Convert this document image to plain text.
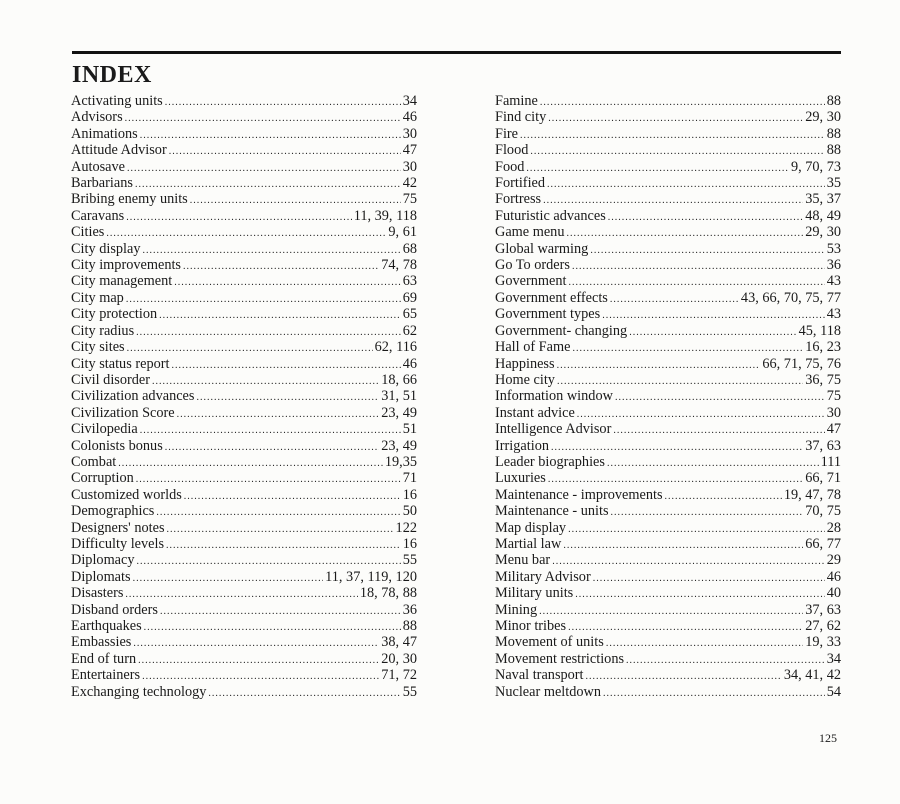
INDEX
Activating units .....	34
Advisors .....	46
Animations .....	30
Attitude Advisor .....	47
Autosave .....	30
Barbarians .....	42
Bribing enemy units .....	75
Caravans .....	11, 39, 118
Cities .....	9, 61
City display .....	68
City improvements .....	74, 78
City management .....	63
City map .....	69
City protection .....	65
City radius .....	62
City sites .....	62, 116
City status report .....	46
Civil disorder .....	18, 66
Civilization advances .....	31, 51
Civilization Score .....	23, 49
Civilopedia .....	51
Colonists bonus .....	23, 49
Combat .....	19,35
Corruption .....	71
Customized worlds .....	16
Demographics .....	50
Designers' notes .....	122
Difficulty levels .....	16
Diplomacy .....	55
Diplomats .....	11, 37, 119, 120
Disasters .....	18, 78, 88
Disband orders .....	36
Earthquakes .....	88
Embassies .....	38, 47
End of turn .....	20, 30
Entertainers .....	71, 72
Exchanging technology .....	55
Famine .....	88
Find city .....	29, 30
Fire .....	88
Flood .....	88
Food .....	9, 70, 73
Fortified .....	35
Fortress .....	35, 37
Futuristic advances .....	48, 49
Game menu .....	29, 30
Global warming .....	53
Go To orders .....	36
Government .....	43
Government effects .....	43, 66, 70, 75, 77
Government types .....	43
Government- changing .....	45, 118
Hall of Fame .....	16, 23
Happiness .....	66, 71, 75, 76
Home city .....	36, 75
Information window .....	75
Instant advice .....	30
Intelligence Advisor .....	47
Irrigation .....	37, 63
Leader biographies .....	111
Luxuries .....	66, 71
Maintenance - improvements .....	19, 47, 78
Maintenance - units .....	70, 75
Map display .....	28
Martial law .....	66, 77
Menu bar .....	29
Military Advisor .....	46
Military units .....	40
Mining .....	37, 63
Minor tribes .....	27, 62
Movement of units .....	19, 33
Movement restrictions .....	34
Naval transport .....	34, 41, 42
Nuclear meltdown .....	54
125
